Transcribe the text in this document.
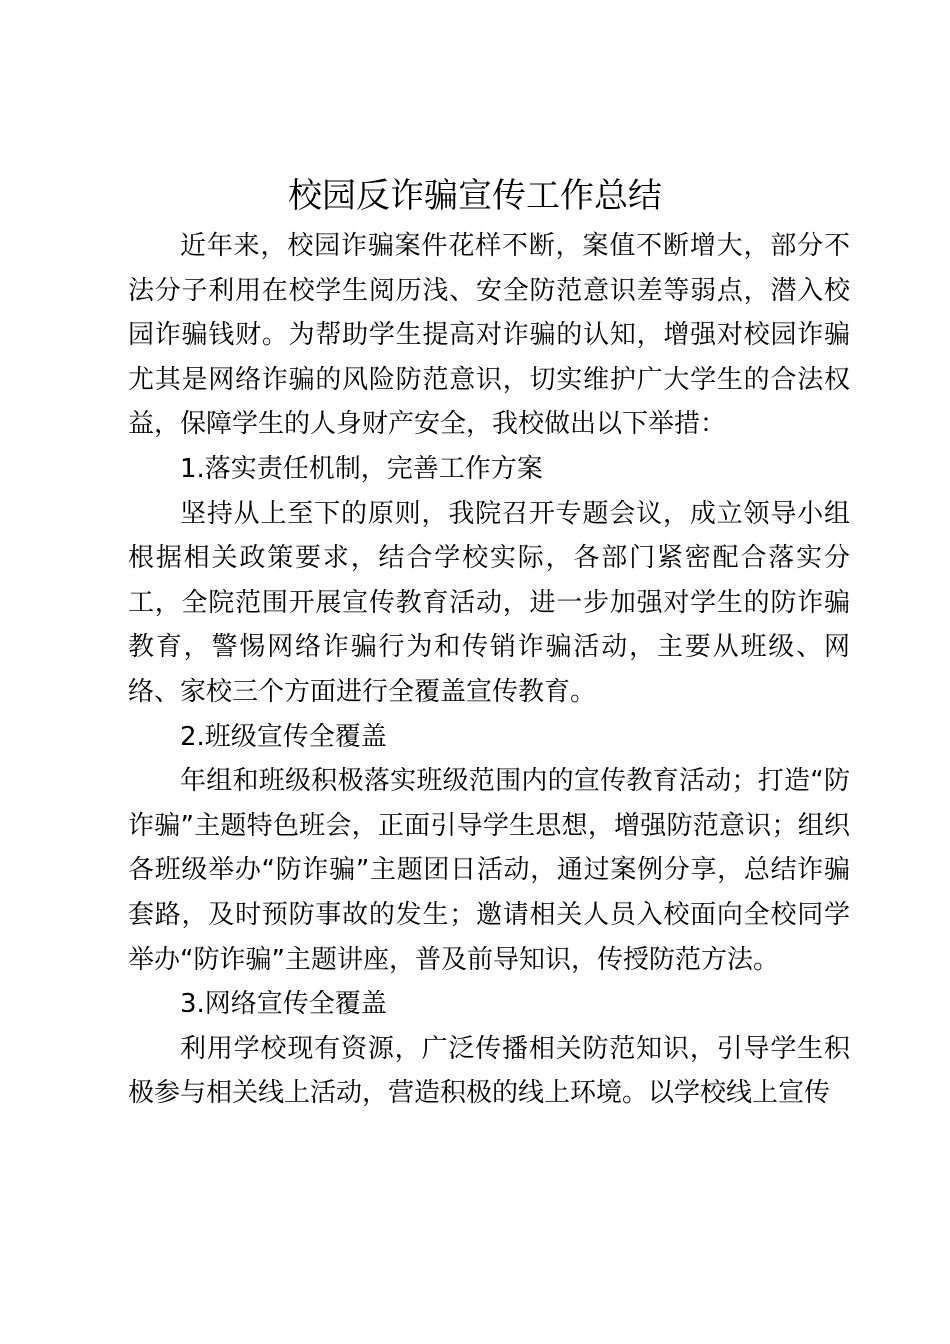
校园反诈骗宣传工作总结

近年来，校园诈骗案件花样不断，案值不断增大，部分不法分子利用在校学生阅历浅、安全防范意识差等弱点，潜入校园诈骗钱财。为帮助学生提高对诈骗的认知，增强对校园诈骗尤其是网络诈骗的风险防范意识，切实维护广大学生的合法权益，保障学生的人身财产安全，我校做出以下举措：

1.落实责任机制，完善工作方案

坚持从上至下的原则，我院召开专题会议，成立领导小组根据相关政策要求，结合学校实际，各部门紧密配合落实分工，全院范围开展宣传教育活动，进一步加强对学生的防诈骗教育，警惕网络诈骗行为和传销诈骗活动，主要从班级、网络、家校三个方面进行全覆盖宣传教育。

2.班级宣传全覆盖

年组和班级积极落实班级范围内的宣传教育活动；打造“防诈骗”主题特色班会，正面引导学生思想，增强防范意识；组织各班级举办“防诈骗”主题团日活动，通过案例分享，总结诈骗套路，及时预防事故的发生；邀请相关人员入校面向全校同学举办“防诈骗”主题讲座，普及前导知识，传授防范方法。

3.网络宣传全覆盖

利用学校现有资源，广泛传播相关防范知识，引导学生积极参与相关线上活动，营造积极的线上环境。以学校线上宣传
